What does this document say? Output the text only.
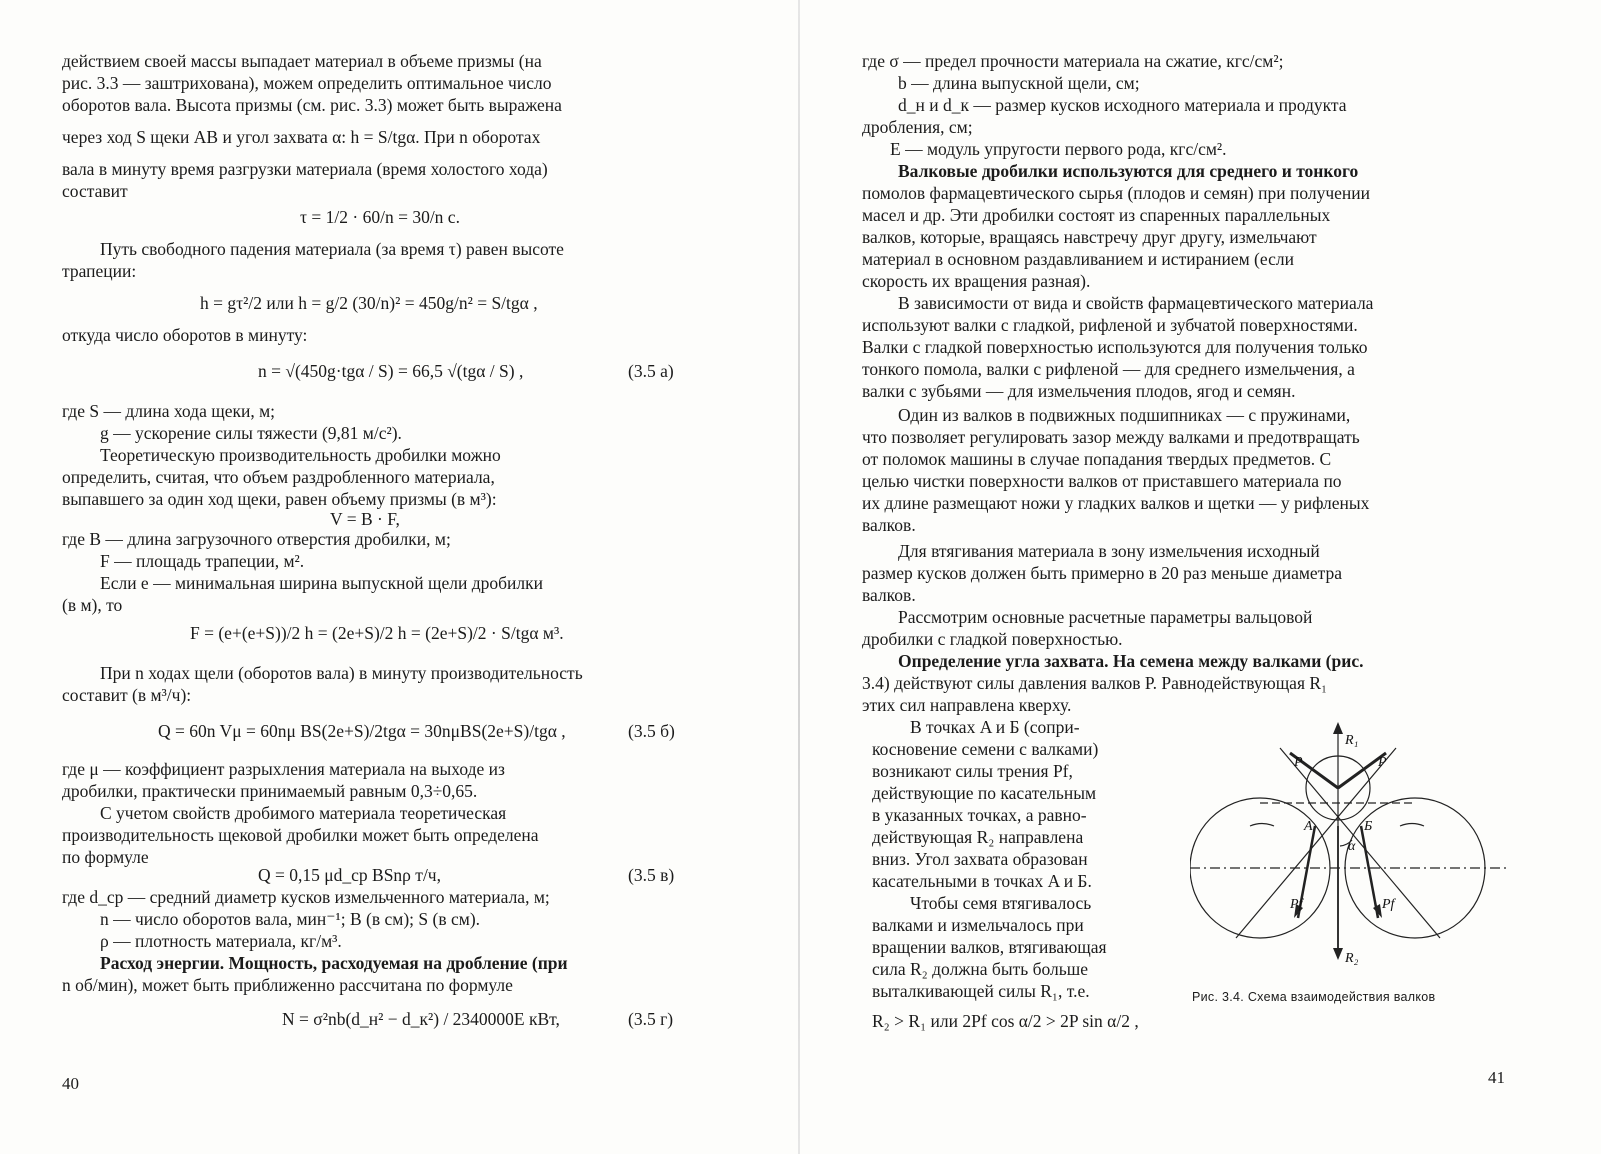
действием своей массы выпадает материал в объеме призмы (на
рис. 3.3 — заштрихована), можем определить оптимальное число
оборотов вала. Высота призмы (см. рис. 3.3) может быть выражена
через ход S щеки АВ и угол захвата α: h = S/tgα. При n оборотах
вала в минуту время разгрузки материала (время холостого хода)
составит
τ = 1/2 · 60/n = 30/n с.
Путь свободного падения материала (за время τ) равен высоте
трапеции:
h = gτ²/2 или h = g/2 (30/n)² = 450g/n² = S/tgα ,
откуда число оборотов в минуту:
n = √(450g·tgα / S) = 66,5 √(tgα / S) ,	(3.5 а)
где S — длина хода щеки, м;
g — ускорение силы тяжести (9,81 м/с²).
Теоретическую производительность дробилки можно
определить, считая, что объем раздробленного материала,
выпавшего за один ход щеки, равен объему призмы (в м³):
V = B · F,
где B — длина загрузочного отверстия дробилки, м;
F — площадь трапеции, м².
Если e — минимальная ширина выпускной щели дробилки
(в м), то
F = (e+(e+S))/2 h = (2e+S)/2 h = (2e+S)/2 · S/tgα м³.
При n ходах щели (оборотов вала) в минуту производительность
составит (в м³/ч):
Q = 60n Vμ = 60nμ BS(2e+S)/2tgα = 30nμBS(2e+S)/tgα ,	(3.5 б)
где μ — коэффициент разрыхления материала на выходе из
дробилки, практически принимаемый равным 0,3÷0,65.
С учетом свойств дробимого материала теоретическая
производительность щековой дробилки может быть определена
по формуле
Q = 0,15 μd_ср BSnρ т/ч,	(3.5 в)
где d_ср — средний диаметр кусков измельченного материала, м;
n — число оборотов вала, мин⁻¹; B (в см); S (в см).
ρ — плотность материала, кг/м³.
Расход энергии. Мощность, расходуемая на дробление (при
n об/мин), может быть приближенно рассчитана по формуле
N = σ²nb(d_н² − d_к²) / 2340000E кВт,	(3.5 г)
40
где σ — предел прочности материала на сжатие, кгс/см²;
b — длина выпускной щели, см;
d_н и d_к — размер кусков исходного материала и продукта
дробления, см;
E — модуль упругости первого рода, кгс/см².
Валковые дробилки используются для среднего и тонкого
помолов фармацевтического сырья (плодов и семян) при получении
масел и др. Эти дробилки состоят из спаренных параллельных
валков, которые, вращаясь навстречу друг другу, измельчают
материал в основном раздавливанием и истиранием (если
скорость их вращения разная).
В зависимости от вида и свойств фармацевтического материала
используют валки с гладкой, рифленой и зубчатой поверхностями.
Валки с гладкой поверхностью используются для получения только
тонкого помола, валки с рифленой — для среднего измельчения, а
валки с зубьями — для измельчения плодов, ягод и семян.
Один из валков в подвижных подшипниках — с пружинами,
что позволяет регулировать зазор между валками и предотвращать
от поломок машины в случае попадания твердых предметов. С
целью чистки поверхности валков от приставшего материала по
их длине размещают ножи у гладких валков и щетки — у рифленых
валков.
Для втягивания материала в зону измельчения исходный
размер кусков должен быть примерно в 20 раз меньше диаметра
валков.
Рассмотрим основные расчетные параметры вальцовой
дробилки с гладкой поверхностью.
Определение угла захвата. На семена между валками (рис.
3.4) действуют силы давления валков P. Равнодействующая R₁
этих сил направлена кверху.
В точках A и Б (сопри-
косновение семени с валками)
возникают силы трения Pf,
действующие по касательным
в указанных точках, а равно-
действующая R₂ направлена
вниз. Угол захвата образован
касательными в точках A и Б.
Чтобы семя втягивалось
валками и измельчалось при
вращении валков, втягивающая
сила R₂ должна быть больше
выталкивающей силы R₁, т.е.
R₂ > R₁ или 2Pf cos α/2 > 2P sin α/2 ,
R₁
P	P
A	Б
α
Pf	Pf
R₂
Рис. 3.4. Схема взаимодействия валков
41
